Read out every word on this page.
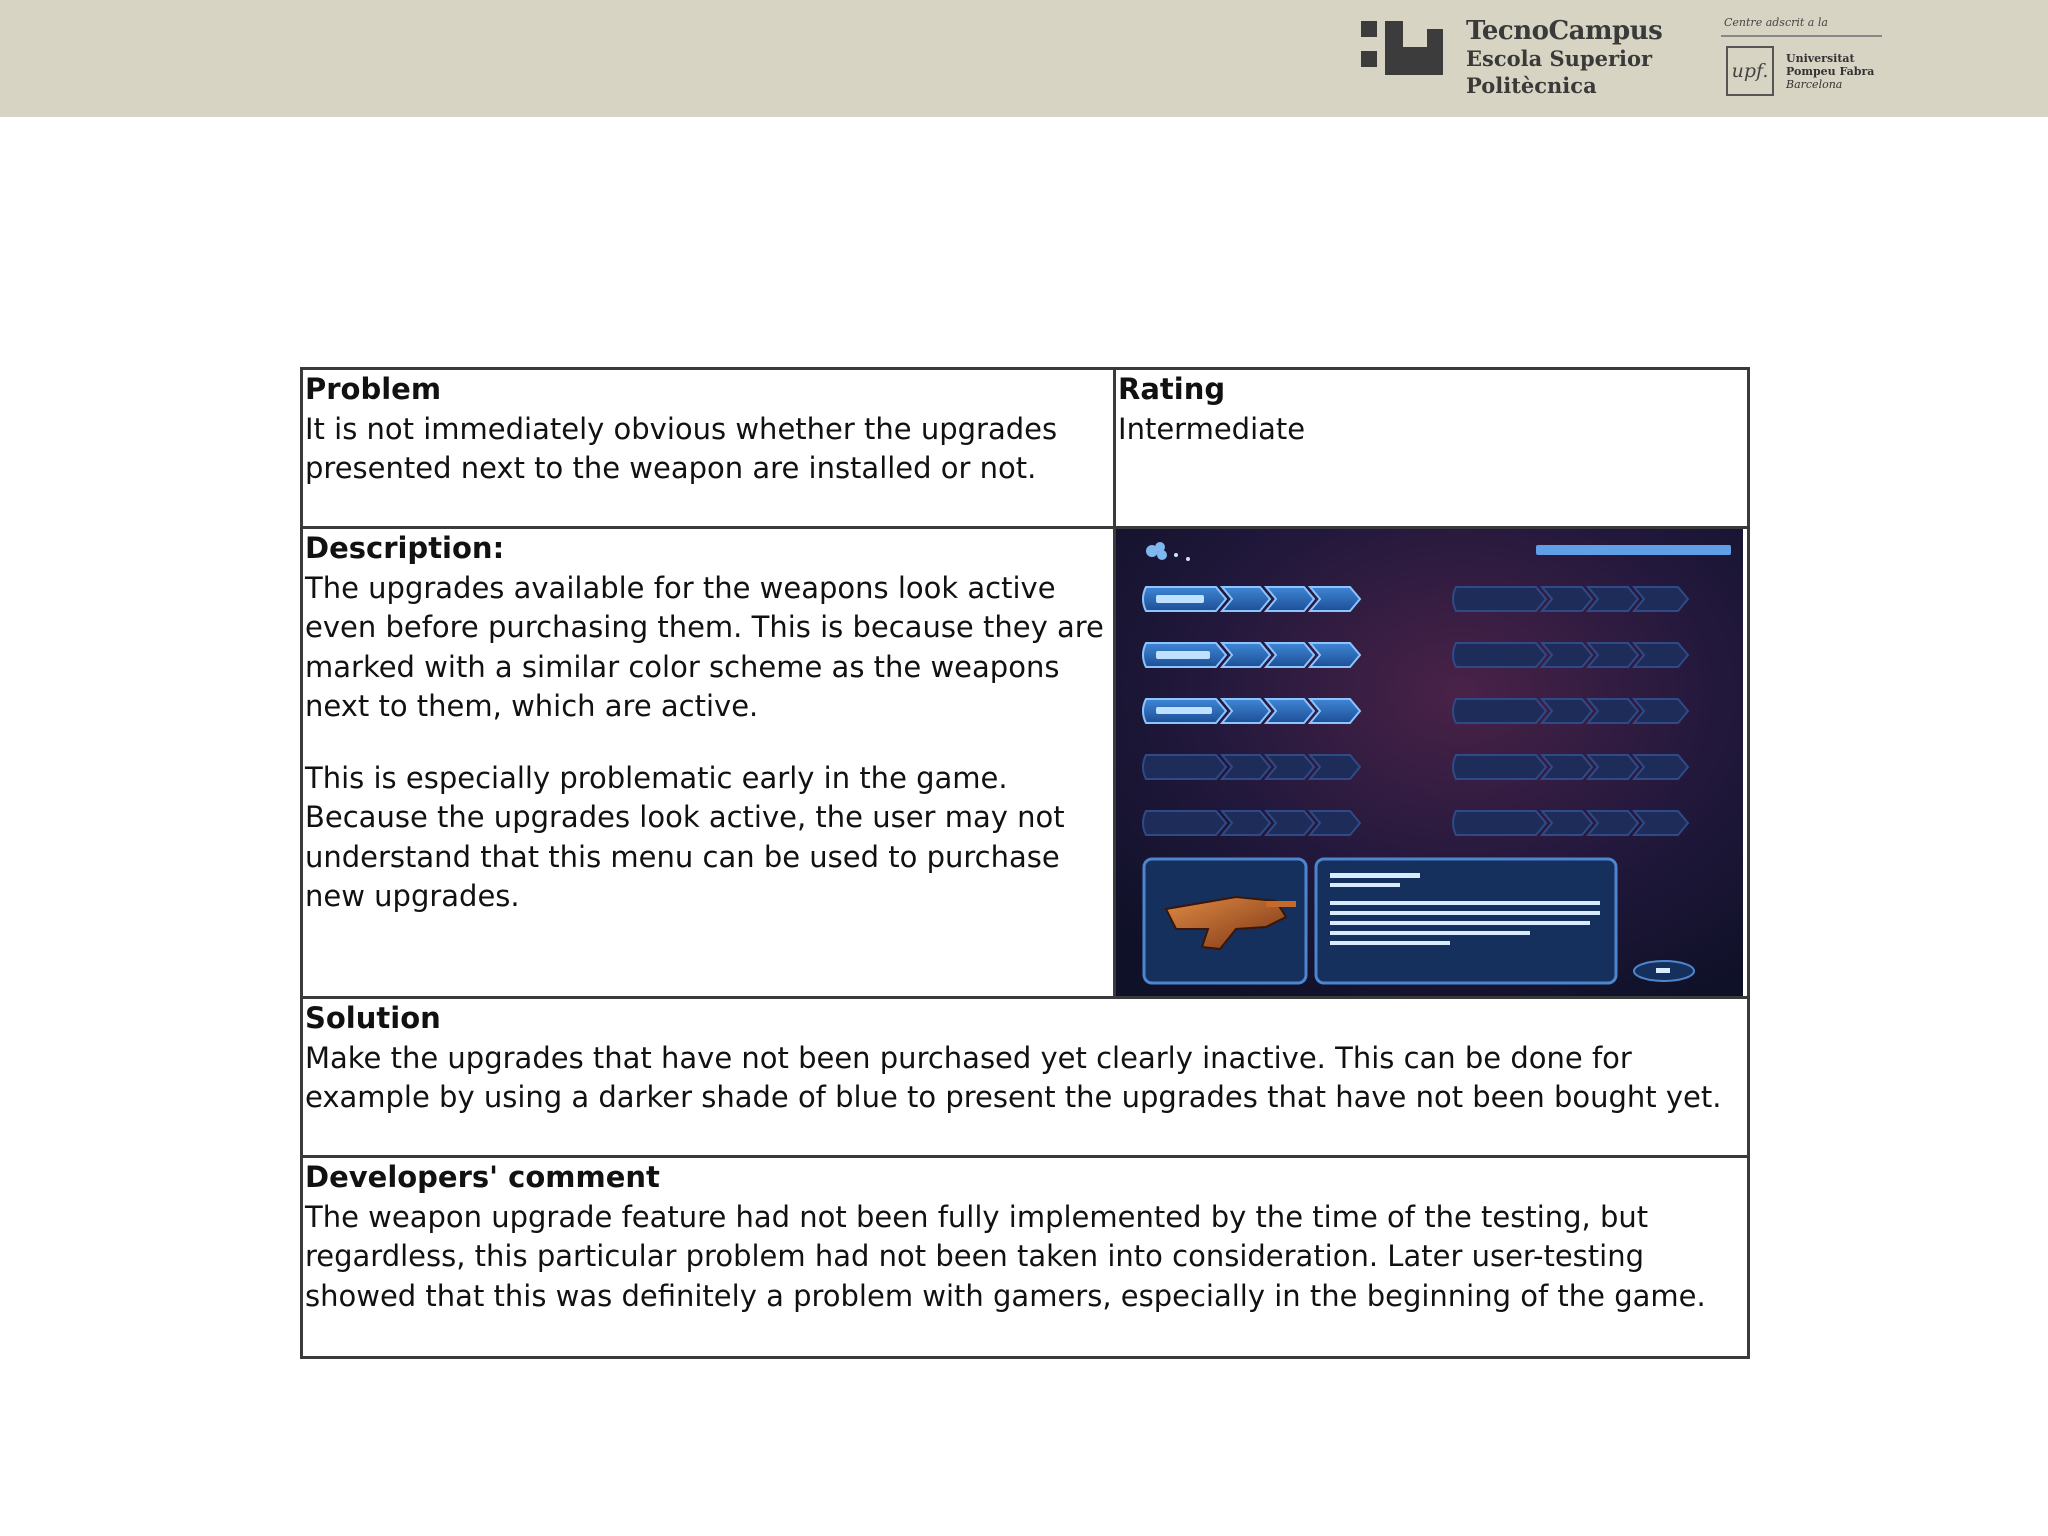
TecnoCampus
Escola Superior
Politècnica
Centre adscrit a la
upf.
Universitat
Pompeu Fabra
Barcelona
Problem
It is not immediately obvious whether the upgrades presented next to the weapon are installed or not.	Rating
Intermediate

Description:
The upgrades available for the weapons look active even before purchasing them. This is because they are marked with a similar color scheme as the weapons next to them, which are active.
This is especially problematic early in the game. Because the upgrades look active, the user may not understand that this menu can be used to purchase new upgrades.

Solution
Make the upgrades that have not been purchased yet clearly inactive. This can be done for example by using a darker shade of blue to present the upgrades that have not been bought yet.	

Developers' comment
The weapon upgrade feature had not been fully implemented by the time of the testing, but regardless, this particular problem had not been taken into consideration. Later user-testing showed that this was definitely a problem with gamers, especially in the beginning of the game.	
